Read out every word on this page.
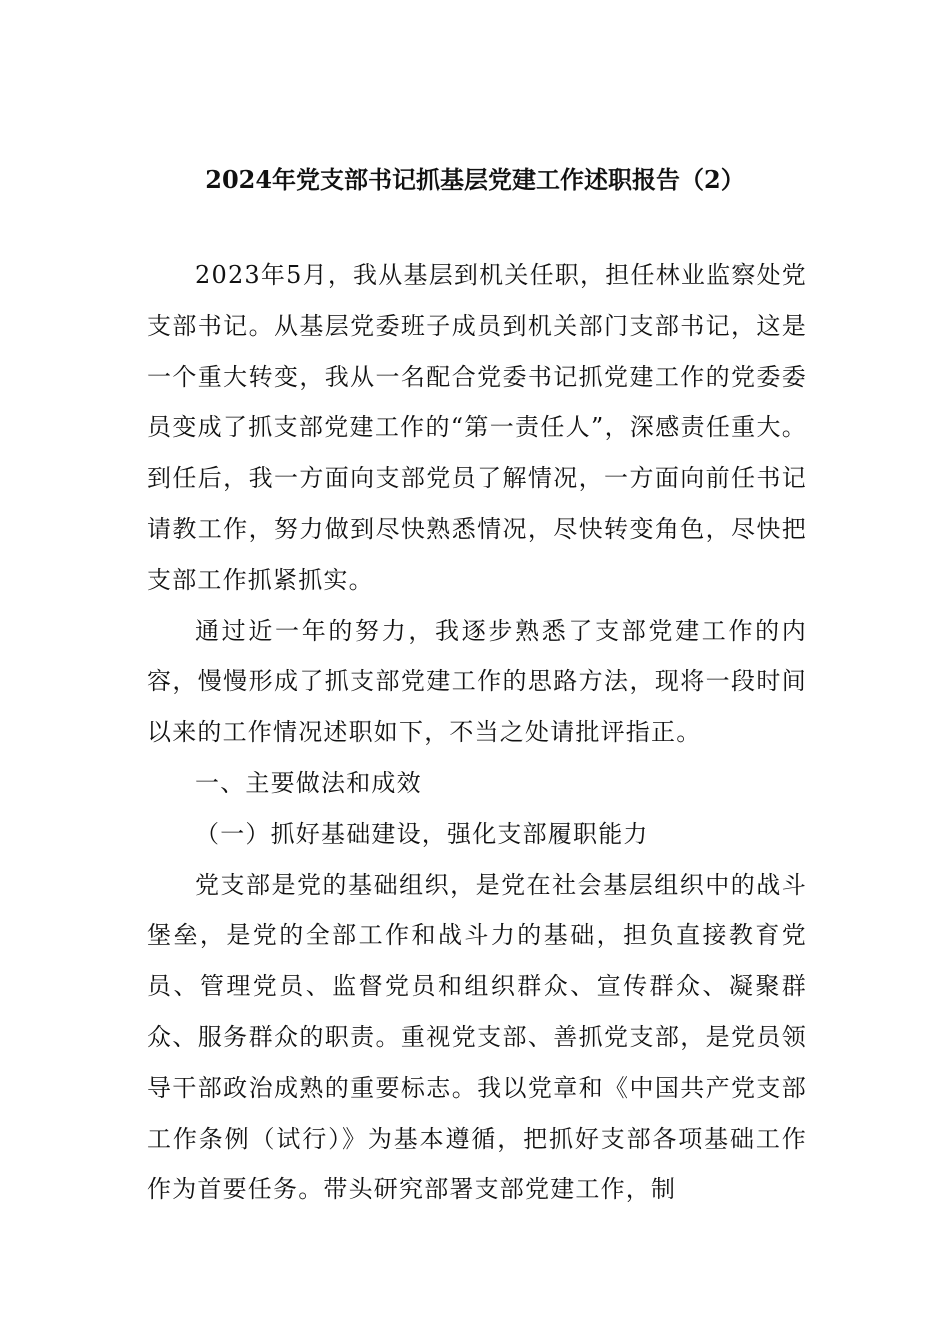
2024年党支部书记抓基层党建工作述职报告（2）

2023年5月，我从基层到机关任职，担任林业监察处党支部书记。从基层党委班子成员到机关部门支部书记，这是一个重大转变，我从一名配合党委书记抓党建工作的党委委员变成了抓支部党建工作的“第一责任人”，深感责任重大。到任后，我一方面向支部党员了解情况，一方面向前任书记请教工作，努力做到尽快熟悉情况，尽快转变角色，尽快把支部工作抓紧抓实。

通过近一年的努力，我逐步熟悉了支部党建工作的内容，慢慢形成了抓支部党建工作的思路方法，现将一段时间以来的工作情况述职如下，不当之处请批评指正。

一、主要做法和成效

（一）抓好基础建设，强化支部履职能力

党支部是党的基础组织，是党在社会基层组织中的战斗堡垒，是党的全部工作和战斗力的基础，担负直接教育党员、管理党员、监督党员和组织群众、宣传群众、凝聚群众、服务群众的职责。重视党支部、善抓党支部，是党员领导干部政治成熟的重要标志。我以党章和《中国共产党支部工作条例（试行）》为基本遵循，把抓好支部各项基础工作作为首要任务。带头研究部署支部党建工作，制
